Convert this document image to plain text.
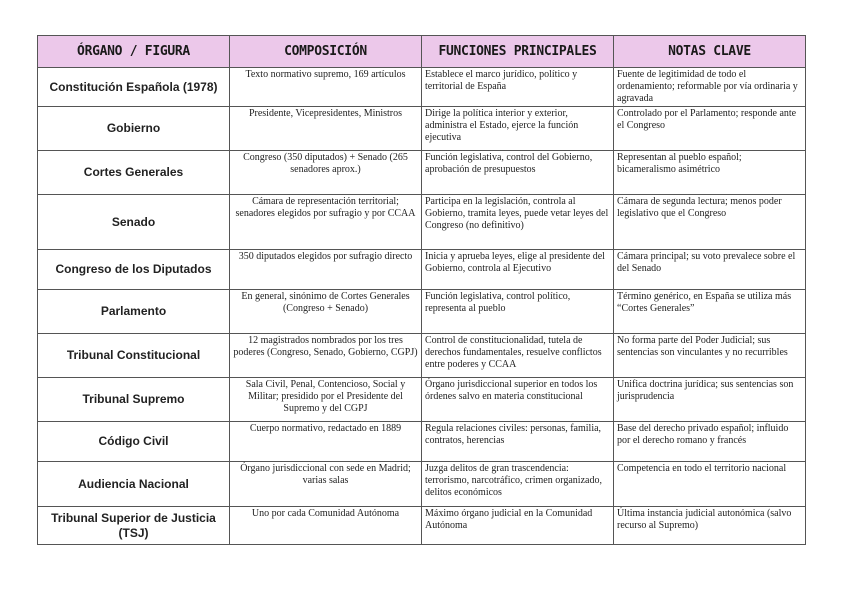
ÓRGANO / FIGURA	COMPOSICIÓN	FUNCIONES PRINCIPALES	NOTAS CLAVE
Constitución Española (1978)	Texto normativo supremo, 169 artículos	Establece el marco jurídico, político y territorial de España	Fuente de legitimidad de todo el ordenamiento; reformable por vía ordinaria y agravada
Gobierno	Presidente, Vicepresidentes, Ministros	Dirige la política interior y exterior, administra el Estado, ejerce la función ejecutiva	Controlado por el Parlamento; responde ante el Congreso
Cortes Generales	Congreso (350 diputados) + Senado (265 senadores aprox.)	Función legislativa, control del Gobierno, aprobación de presupuestos	Representan al pueblo español; bicameralismo asimétrico
Senado	Cámara de representación territorial; senadores elegidos por sufragio y por CCAA	Participa en la legislación, controla al Gobierno, tramita leyes, puede vetar leyes del Congreso (no definitivo)	Cámara de segunda lectura; menos poder legislativo que el Congreso
Congreso de los Diputados	350 diputados elegidos por sufragio directo	Inicia y aprueba leyes, elige al presidente del Gobierno, controla al Ejecutivo	Cámara principal; su voto prevalece sobre el del Senado
Parlamento	En general, sinónimo de Cortes Generales (Congreso + Senado)	Función legislativa, control político, representa al pueblo	Término genérico, en España se utiliza más “Cortes Generales”
Tribunal Constitucional	12 magistrados nombrados por los tres poderes (Congreso, Senado, Gobierno, CGPJ)	Control de constitucionalidad, tutela de derechos fundamentales, resuelve conflictos entre poderes y CCAA	No forma parte del Poder Judicial; sus sentencias son vinculantes y no recurribles
Tribunal Supremo	Sala Civil, Penal, Contencioso, Social y Militar; presidido por el Presidente del Supremo y del CGPJ	Órgano jurisdiccional superior en todos los órdenes salvo en materia constitucional	Unifica doctrina jurídica; sus sentencias son jurisprudencia
Código Civil	Cuerpo normativo, redactado en 1889	Regula relaciones civiles: personas, familia, contratos, herencias	Base del derecho privado español; influido por el derecho romano y francés
Audiencia Nacional	Órgano jurisdiccional con sede en Madrid; varias salas	Juzga delitos de gran trascendencia: terrorismo, narcotráfico, crimen organizado, delitos económicos	Competencia en todo el territorio nacional
Tribunal Superior de Justicia (TSJ)	Uno por cada Comunidad Autónoma	Máximo órgano judicial en la Comunidad Autónoma	Última instancia judicial autonómica (salvo recurso al Supremo)
